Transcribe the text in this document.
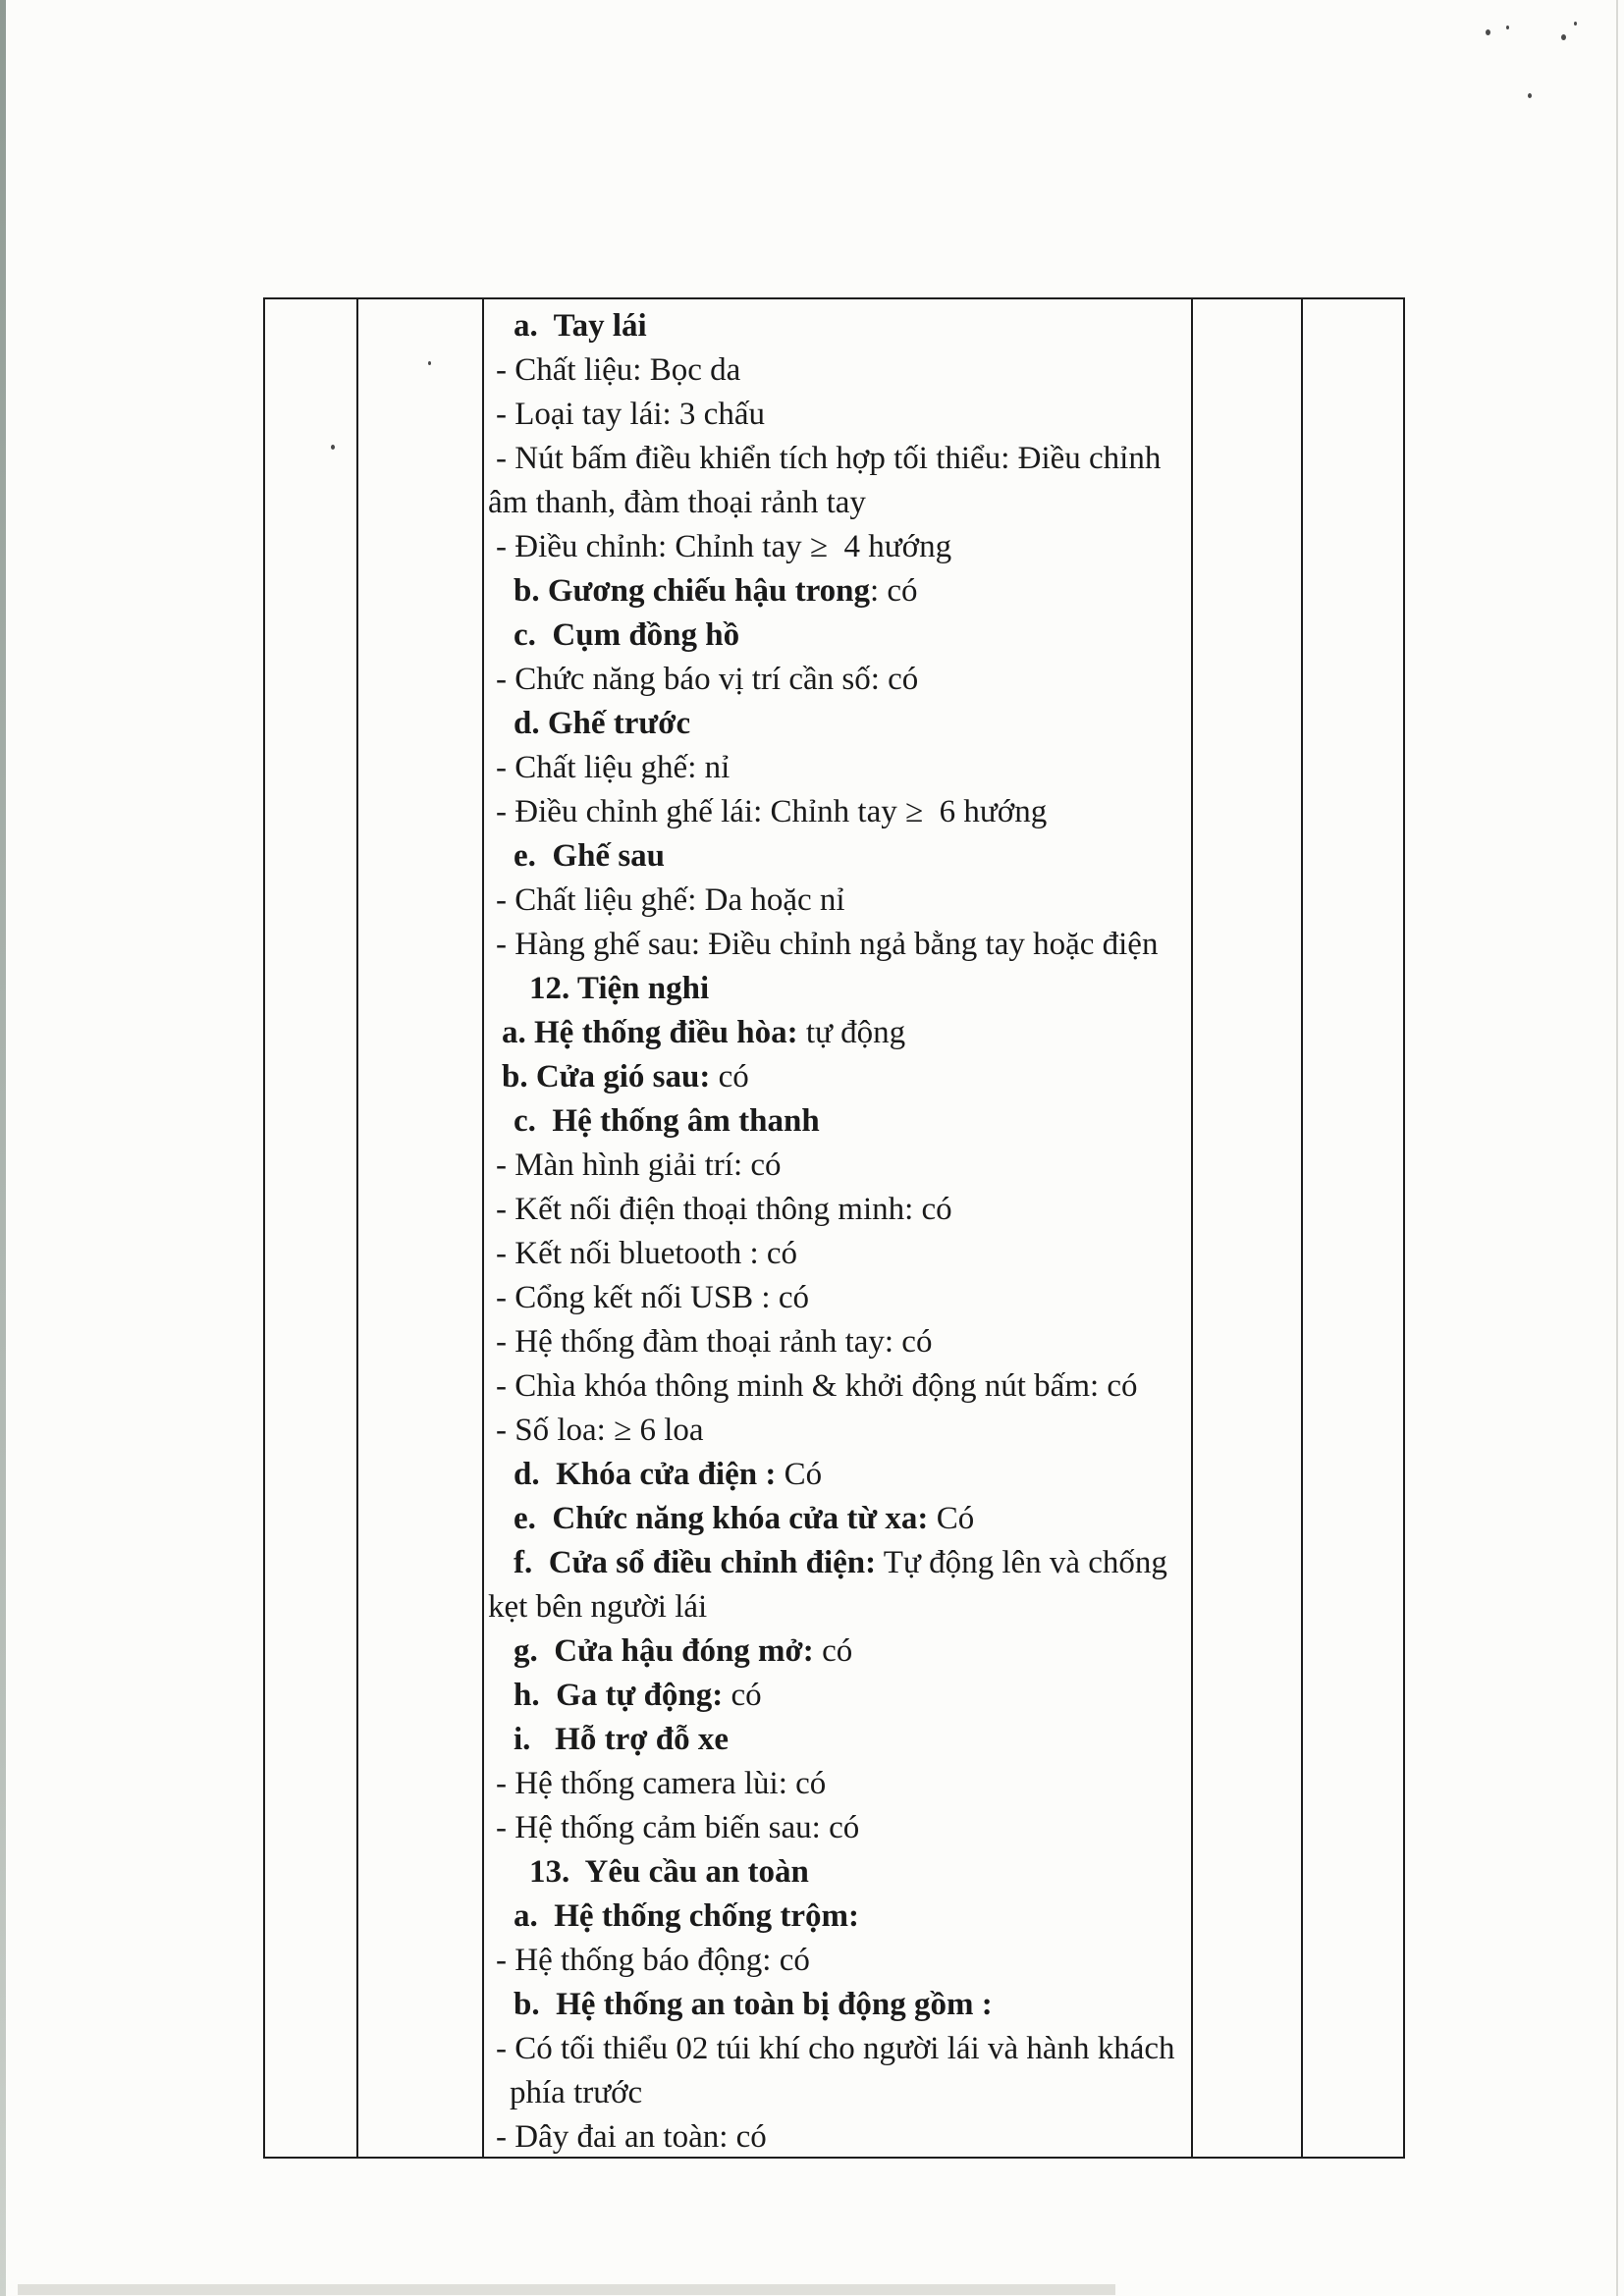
a.  Tay lái
- Chất liệu: Bọc da
- Loại tay lái: 3 chấu
- Nút bấm điều khiển tích hợp tối thiểu: Điều chỉnh
âm thanh, đàm thoại rảnh tay
- Điều chỉnh: Chỉnh tay ≥  4 hướng
b. Gương chiếu hậu trong: có
c.  Cụm đồng hồ
- Chức năng báo vị trí cần số: có
d. Ghế trước
- Chất liệu ghế: nỉ
- Điều chỉnh ghế lái: Chỉnh tay ≥  6 hướng
e.  Ghế sau
- Chất liệu ghế: Da hoặc nỉ
- Hàng ghế sau: Điều chỉnh ngả bằng tay hoặc điện
12. Tiện nghi
a. Hệ thống điều hòa: tự động
b. Cửa gió sau: có
c.  Hệ thống âm thanh
- Màn hình giải trí: có
- Kết nối điện thoại thông minh: có
- Kết nối bluetooth : có
- Cổng kết nối USB : có
- Hệ thống đàm thoại rảnh tay: có
- Chìa khóa thông minh & khởi động nút bấm: có
- Số loa: ≥ 6 loa
d.  Khóa cửa điện : Có
e.  Chức năng khóa cửa từ xa: Có
f.  Cửa sổ điều chỉnh điện: Tự động lên và chống
kẹt bên người lái
g.  Cửa hậu đóng mở: có
h.  Ga tự động: có
i.   Hỗ trợ đỗ xe
- Hệ thống camera lùi: có
- Hệ thống cảm biến sau: có
13.  Yêu cầu an toàn
a.  Hệ thống chống trộm:
- Hệ thống báo động: có
b.  Hệ thống an toàn bị động gồm :
- Có tối thiểu 02 túi khí cho người lái và hành khách
phía trước
- Dây đai an toàn: có
